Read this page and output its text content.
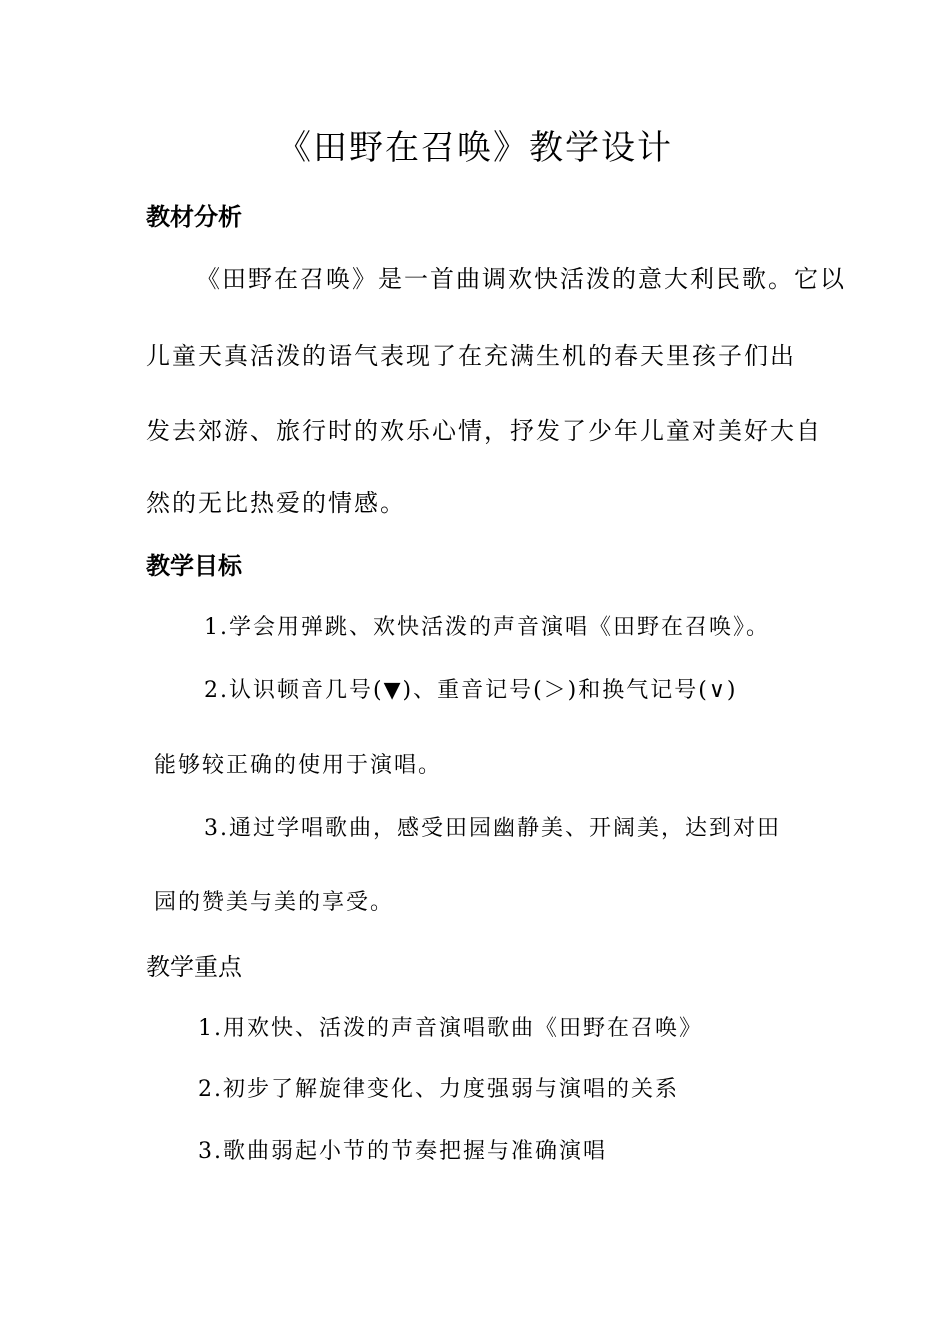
《田野在召唤》教学设计
教材分析
《田野在召唤》是一首曲调欢快活泼的意大利民歌。它以
儿童天真活泼的语气表现了在充满生机的春天里孩子们出
发去郊游、旅行时的欢乐心情，抒发了少年儿童对美好大自
然的无比热爱的情感。
教学目标
1.学会用弹跳、欢快活泼的声音演唱《田野在召唤》。
2.认识顿音几号(▼)、重音记号(＞)和换气记号(∨)
能够较正确的使用于演唱。
3.通过学唱歌曲，感受田园幽静美、开阔美，达到对田
园的赞美与美的享受。
教学重点
1.用欢快、活泼的声音演唱歌曲《田野在召唤》
2.初步了解旋律变化、力度强弱与演唱的关系
3.歌曲弱起小节的节奏把握与准确演唱
